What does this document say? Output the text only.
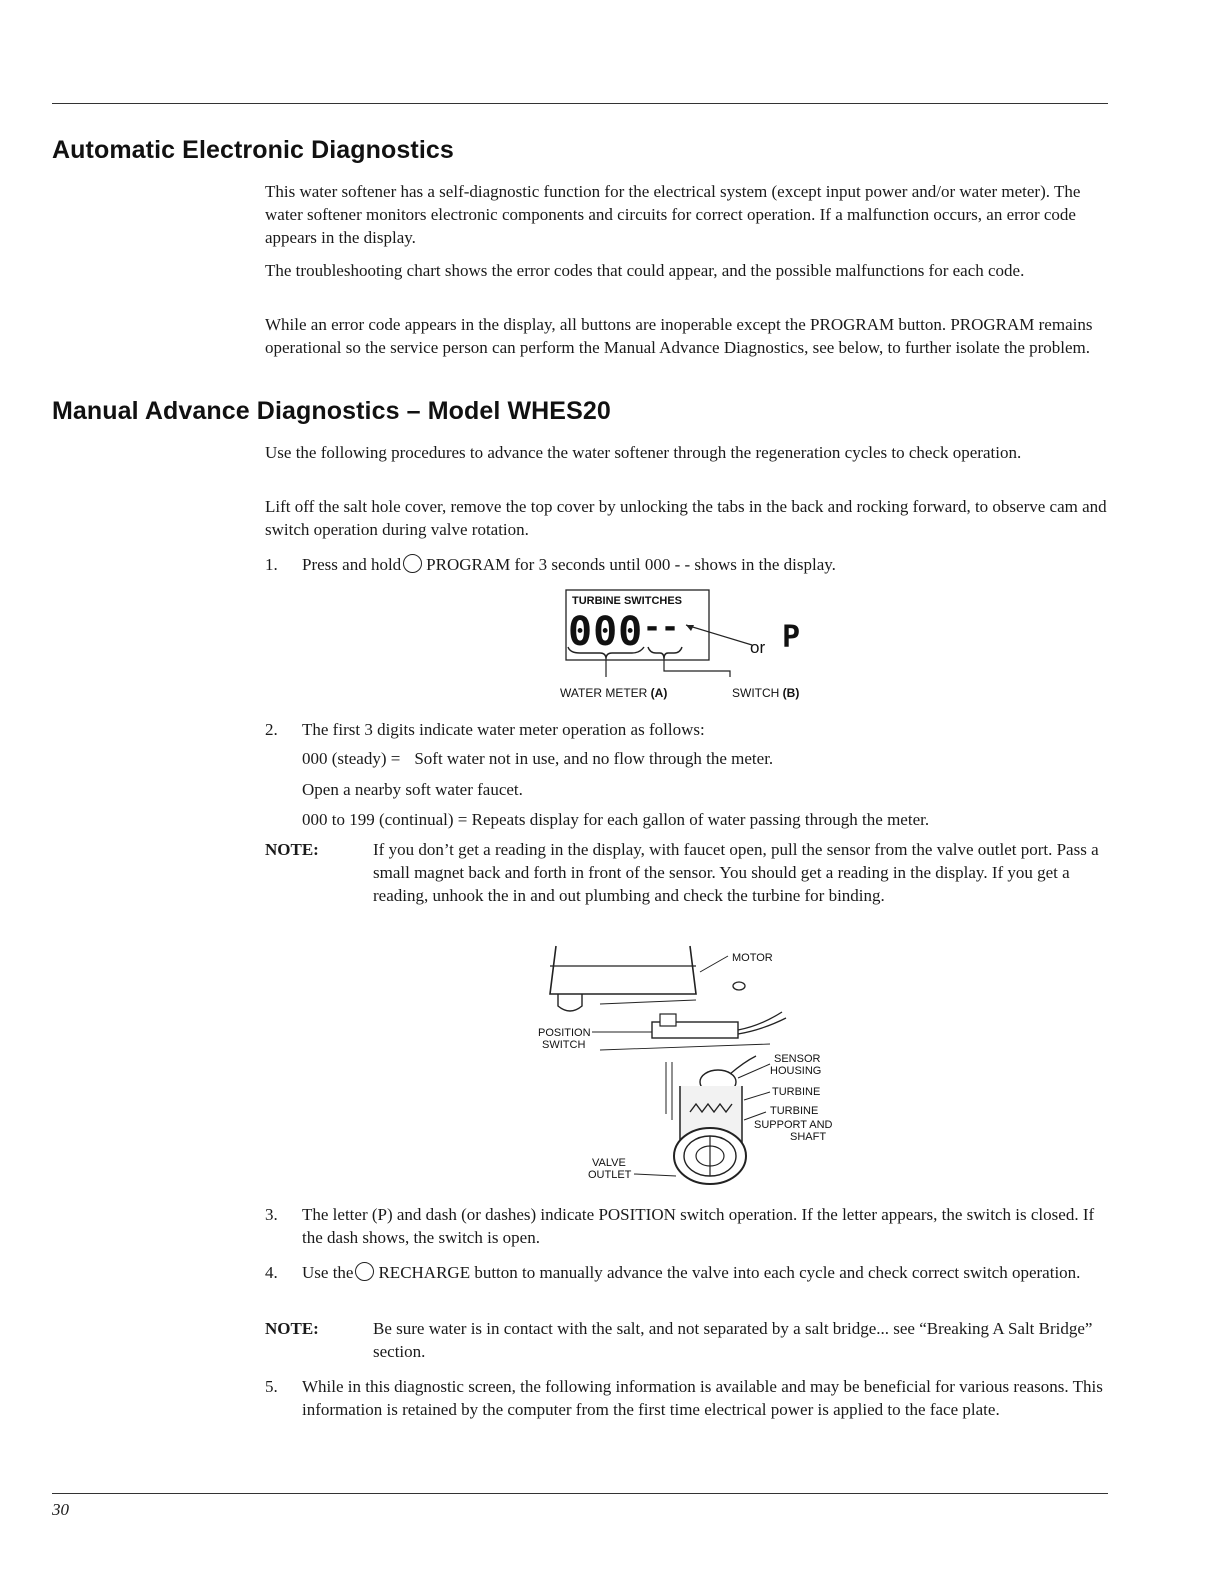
Automatic Electronic Diagnostics

This water softener has a self-diagnostic function for the electrical system (except input power and/or water meter). The water softener monitors electronic components and circuits for correct operation. If a malfunction occurs, an error code appears in the display.

The troubleshooting chart shows the error codes that could appear, and the possible malfunctions for each code.

While an error code appears in the display, all buttons are inoperable except the PROGRAM button. PROGRAM remains operational so the service person can perform the Manual Advance Diagnostics, see below, to further isolate the problem.

Manual Advance Diagnostics – Model WHES20

Use the following procedures to advance the water softener through the regeneration cycles to check operation.

Lift off the salt hole cover, remove the top cover by unlocking the tabs in the back and rocking forward, to observe cam and switch operation during valve rotation.

1.	Press and hold PROGRAM for 3 seconds until 000 - - shows in the display.
TURBINE SWITCHES
000 --
or P
WATER METER (A)	SWITCH (B)
2.	The first 3 digits indicate water meter operation as follows:
000 (steady) = Soft water not in use, and no flow through the meter.
Open a nearby soft water faucet.
000 to 199 (continual) = Repeats display for each gallon of water passing through the meter.
NOTE:	If you don’t get a reading in the display, with faucet open, pull the sensor from the valve outlet port. Pass a small magnet back and forth in front of the sensor. You should get a reading in the display. If you get a reading, unhook the in and out plumbing and check the turbine for binding.
MOTOR
POSITION
SWITCH
SENSOR
HOUSING
TURBINE
TURBINE
SUPPORT AND
SHAFT
VALVE
OUTLET
3.	The letter (P) and dash (or dashes) indicate POSITION switch operation. If the letter appears, the switch is closed. If the dash shows, the switch is open.
4.	Use the RECHARGE button to manually advance the valve into each cycle and check correct switch operation.
NOTE:	Be sure water is in contact with the salt, and not separated by a salt bridge... see “Breaking A Salt Bridge” section.
5.	While in this diagnostic screen, the following information is available and may be beneficial for various reasons. This information is retained by the computer from the first time electrical power is applied to the face plate.
30
